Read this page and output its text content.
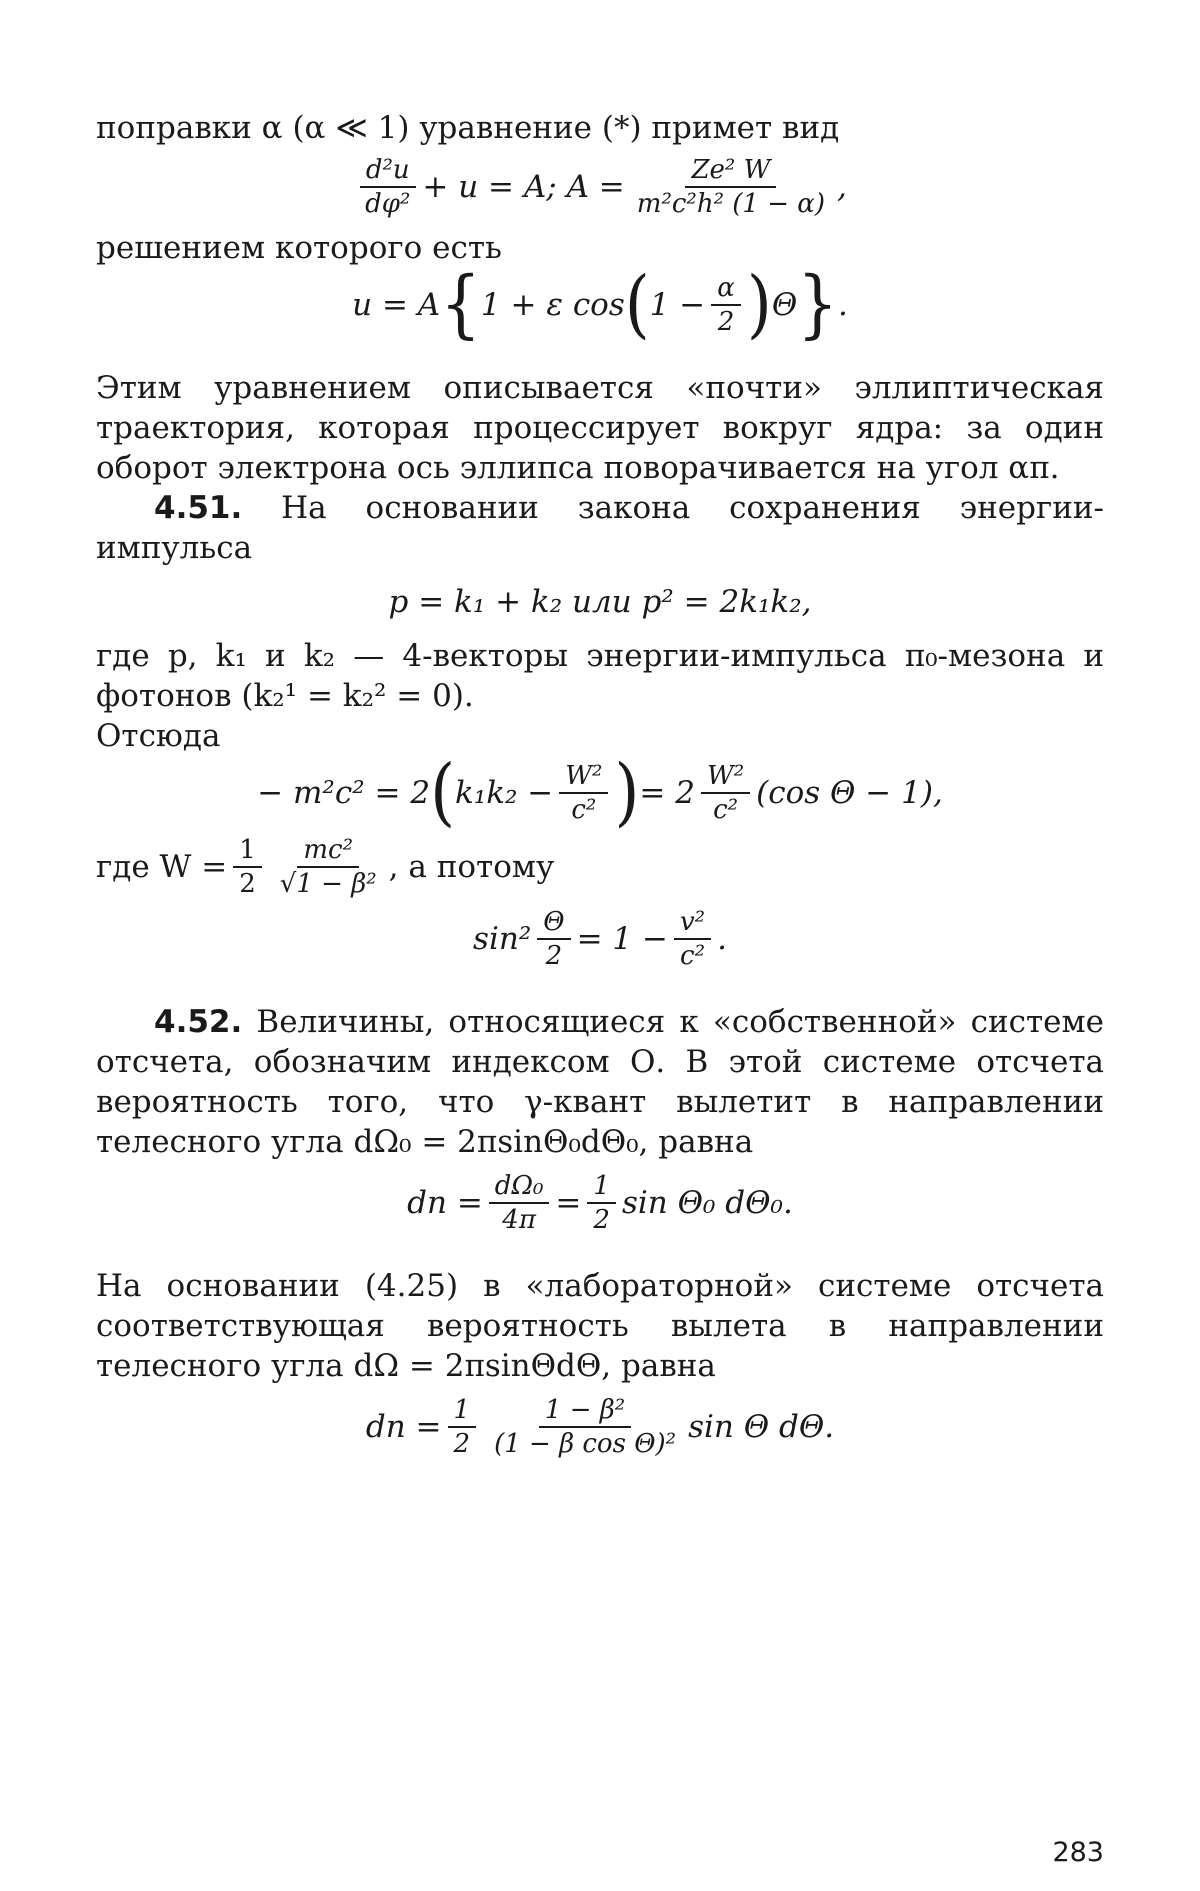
поправки α (α ≪ 1) уравнение (*) примет вид

$\frac{\text{d²u}}{\text{dφ²}} + u = A$; $A = \frac{\text{Ze² W}}{\text{m²c²h² (1 − α)}}$ ,

решением которого есть

u = A { 1 + ε cos ( $1 - \frac{\alpha}{2}$ ) Θ } .

Этим уравнением описывается «почти» эллиптическая траектория, которая процессирует вокруг ядра: за один оборот электрона ось эллипса поворачивается на угол απ.

4.51. На основании закона сохранения энергии-импульса

p = k₁ + k₂ или p² = 2k₁k₂,

где p, k₁ и k₂ — 4-векторы энергии-импульса π₀-мезона и фотонов (k₂¹ = k₂² = 0).

Отсюда

− m²c² = 2 ( $k_1k_2 - \frac{\text{W²}}{\text{c²}}$ ) = $2 \frac{\text{W²}}{\text{c²}} (\cos$ Θ − 1),
где $W = \frac{1}{2} \frac{\text{mc²}}{\text{√1 − β²}}$ , а потому
$\sin^2 \frac{\Theta}{2} = 1 - \frac{\text{v²}}{\text{c²}}$ .

4.52. Величины, относящиеся к «собственной» системе отсчета, обозначим индексом О. В этой системе отсчета вероятность того, что γ-квант вылетит в направлении телесного угла dΩ₀ = 2πsinΘ₀dΘ₀, равна

dn = $\frac{\text{dΩ₀}}{4\pi} = \frac{1}{2}$ sin Θ₀ dΘ₀.

На основании (4.25) в «лабораторной» системе отсчета соответствующая вероятность вылета в направлении телесного угла dΩ = 2πsinΘdΘ, равна

dn = $\frac{1}{2} \frac{\text{1 − β²}}{\text{(1 − β cos Θ)²}}$ sin Θ dΘ.
283
